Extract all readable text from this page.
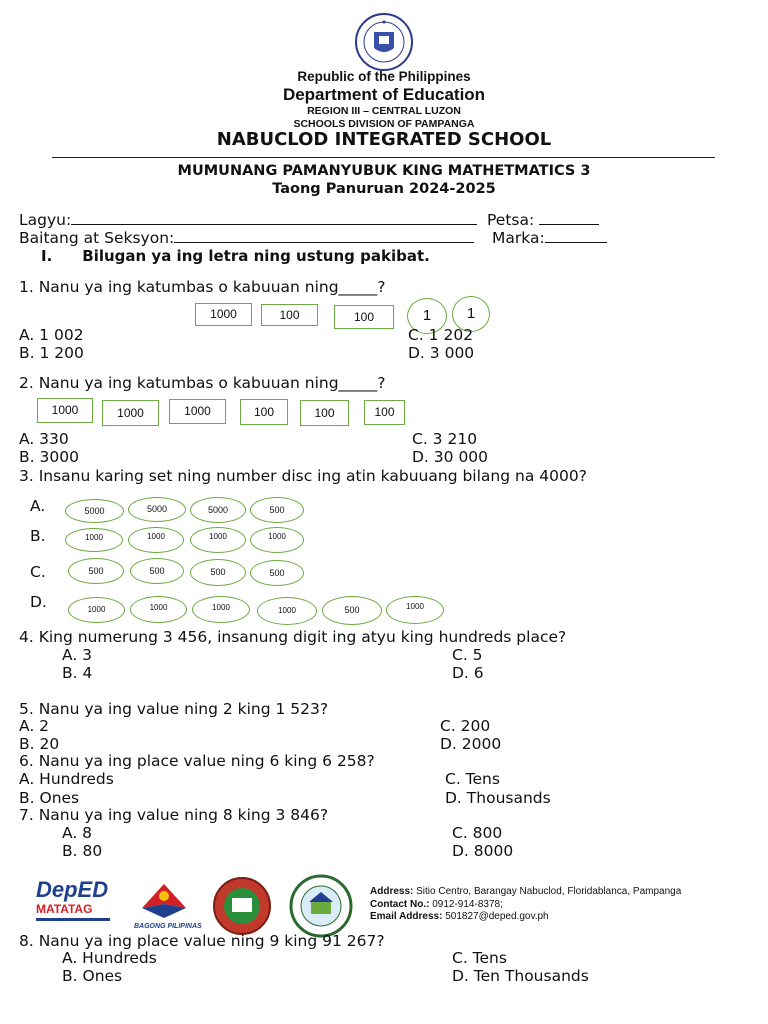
Republic of the Philippines
Department of Education
REGION III – CENTRAL LUZON
SCHOOLS DIVISION OF PAMPANGA
NABUCLOD INTEGRATED SCHOOL
MUMUNANG PAMANYUBUK KING MATHETMATICS 3
Taong Panuruan 2024-2025
Lagyu:	Petsa:
Baitang at Seksyon:	Marka:
I. Bilugan ya ing letra ning ustung pakibat.
1. Nanu ya ing katumbas o kabuuan ning_____?
1000	100	100	1	1
A. 1 002	C. 1 202
B. 1 200	D. 3 000
2. Nanu ya ing katumbas o kabuuan ning_____?
1000	1000	1000	100	100	100
A. 330	C. 3 210
B. 3000	D. 30 000
3. Insanu karing set ning number disc ing atin kabuuang bilang na 4000?
A.	5000	5000	5000	500
B.	1000	1000	1000	1000
C.	500	500	500	500
D.	1000	1000	1000	1000	500	1000
4. King numerung 3 456, insanung digit ing atyu king hundreds place?
A. 3	C. 5
B. 4	D. 6
5. Nanu ya ing value ning 2 king 1 523?
A. 2	C. 200
B. 20	D. 2000
6. Nanu ya ing place value ning 6 king 6 258?
A. Hundreds	C. Tens
B. Ones	D. Thousands
7. Nanu ya ing value ning 8 king 3 846?
A. 8	C. 800
B. 80	D. 8000
DepED
MATATAG
BAGONG PILIPINAS
Address: Sitio Centro, Barangay Nabuclod, Floridablanca, Pampanga
Contact No.: 0912-914-8378;
Email Address: 501827@deped.gov.ph
8. Nanu ya ing place value ning 9 king 91 267?
A. Hundreds	C. Tens
B. Ones	D. Ten Thousands
